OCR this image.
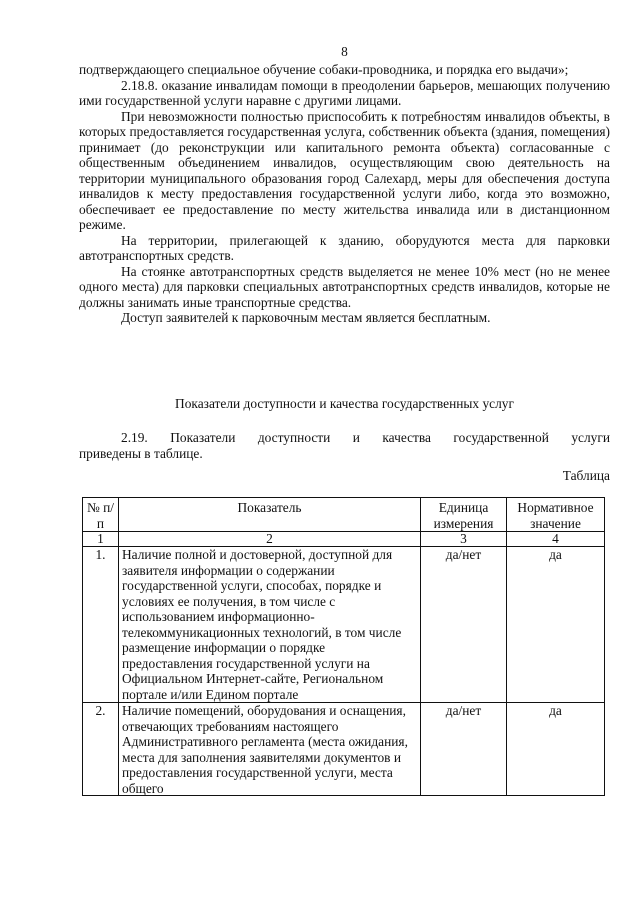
8

подтверждающего специальное обучение собаки-проводника, и порядка его выдачи»;

2.18.8. оказание инвалидам помощи в преодолении барьеров, мешающих получению ими государственной услуги наравне с другими лицами.

При невозможности полностью приспособить к потребностям инвалидов объекты, в которых предоставляется государственная услуга, собственник объекта (здания, помещения) принимает (до реконструкции или капитального ремонта объекта) согласованные с общественным объединением инвалидов, осуществляющим свою деятельность на территории муниципального образования город Салехард, меры для обеспечения доступа инвалидов к месту предоставления государственной услуги либо, когда это возможно, обеспечивает ее предоставление по месту жительства инвалида или в дистанционном режиме.

На территории, прилегающей к зданию, оборудуются места для парковки автотранспортных средств.

На стоянке автотранспортных средств выделяется не менее 10% мест (но не менее одного места) для парковки специальных автотранспортных средств инвалидов, которые не должны занимать иные транспортные средства.

Доступ заявителей к парковочным местам является бесплатным.

Показатели доступности и качества государственных услуг

2.19. Показатели доступности и качества государственной услуги

приведены в таблице.

Таблица
№ п/п	Показатель	Единица измерения	Нормативное значение
1	2	3	4
1.	Наличие полной и достоверной, доступной для заявителя информации о содержании государственной услуги, способах, порядке и условиях ее получения, в том числе с использованием информационно-телекоммуникационных технологий, в том числе размещение информации о порядке предоставления государственной услуги на Официальном Интернет-сайте, Региональном портале и/или Едином портале	да/нет	да
2.	Наличие помещений, оборудования и оснащения, отвечающих требованиям настоящего Административного регламента (места ожидания, места для заполнения заявителями документов и предоставления государственной услуги, места общего	да/нет	да
